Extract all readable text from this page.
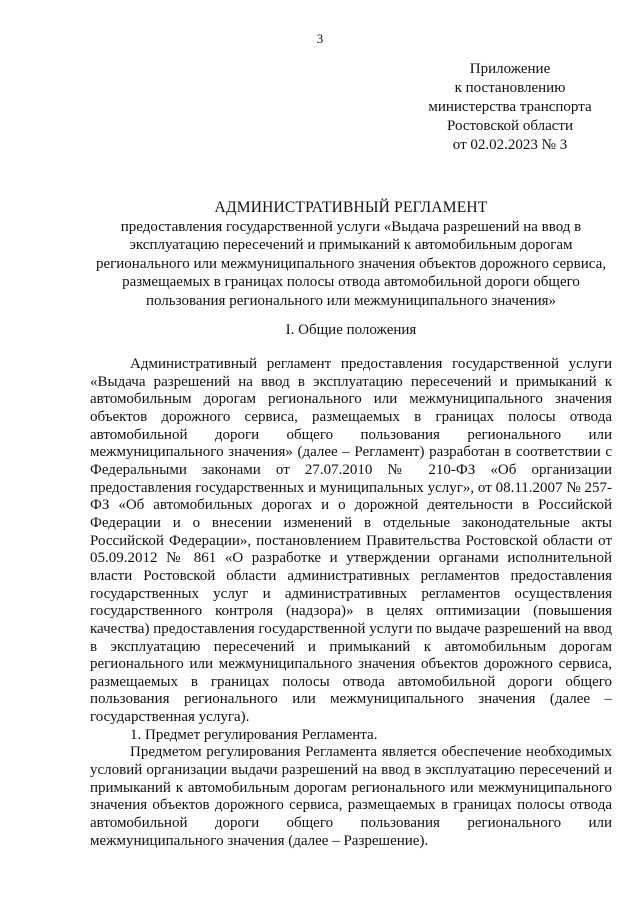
3
Приложение
к постановлению
министерства транспорта
Ростовской области
от 02.02.2023 № 3
АДМИНИСТРАТИВНЫЙ РЕГЛАМЕНТ
предоставления государственной услуги «Выдача разрешений на ввод в эксплуатацию пересечений и примыканий к автомобильным дорогам регионального или межмуниципального значения объектов дорожного сервиса, размещаемых в границах полосы отвода автомобильной дороги общего пользования регионального или межмуниципального значения»
I. Общие положения

Административный регламент предоставления государственной услуги «Выдача разрешений на ввод в эксплуатацию пересечений и примыканий к автомобильным дорогам регионального или межмуниципального значения объектов дорожного сервиса, размещаемых в границах полосы отвода автомобильной дороги общего пользования регионального или межмуниципального значения» (далее – Регламент) разработан в соответствии с Федеральными законами от 27.07.2010 № 210-ФЗ «Об организации предоставления государственных и муниципальных услуг», от 08.11.2007 № 257-ФЗ «Об автомобильных дорогах и о дорожной деятельности в Российской Федерации и о внесении изменений в отдельные законодательные акты Российской Федерации», постановлением Правительства Ростовской области от 05.09.2012 № 861 «О разработке и утверждении органами исполнительной власти Ростовской области административных регламентов предоставления государственных услуг и административных регламентов осуществления государственного контроля (надзора)» в целях оптимизации (повышения качества) предоставления государственной услуги по выдаче разрешений на ввод в эксплуатацию пересечений и примыканий к автомобильным дорогам регионального или межмуниципального значения объектов дорожного сервиса, размещаемых в границах полосы отвода автомобильной дороги общего пользования регионального или межмуниципального значения (далее – государственная услуга).

1. Предмет регулирования Регламента.

Предметом регулирования Регламента является обеспечение необходимых условий организации выдачи разрешений на ввод в эксплуатацию пересечений и примыканий к автомобильным дорогам регионального или межмуниципального значения объектов дорожного сервиса, размещаемых в границах полосы отвода автомобильной дороги общего пользования регионального или межмуниципального значения (далее – Разрешение).
